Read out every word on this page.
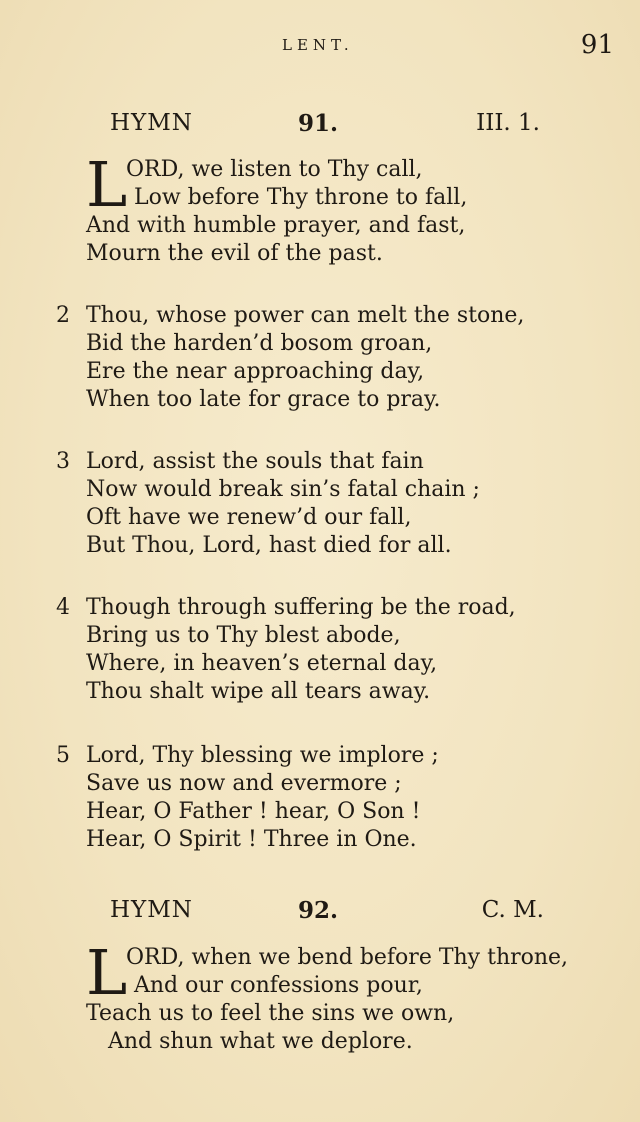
LENT.	91
HYMN	91.	III. 1.
L
ORD, we listen to Thy call,
Low before Thy throne to fall,
And with humble prayer, and fast,
Mourn the evil of the past.
2 Thou, whose power can melt the stone,
Bid the harden’d bosom groan,
Ere the near approaching day,
When too late for grace to pray.
3 Lord, assist the souls that fain
Now would break sin’s fatal chain ;
Oft have we renew’d our fall,
But Thou, Lord, hast died for all.
4 Though through suffering be the road,
Bring us to Thy blest abode,
Where, in heaven’s eternal day,
Thou shalt wipe all tears away.
5 Lord, Thy blessing we implore ;
Save us now and evermore ;
Hear, O Father ! hear, O Son !
Hear, O Spirit ! Three in One.
HYMN	92.	C. M.
L
ORD, when we bend before Thy throne,
And our confessions pour,
Teach us to feel the sins we own,
And shun what we deplore.
